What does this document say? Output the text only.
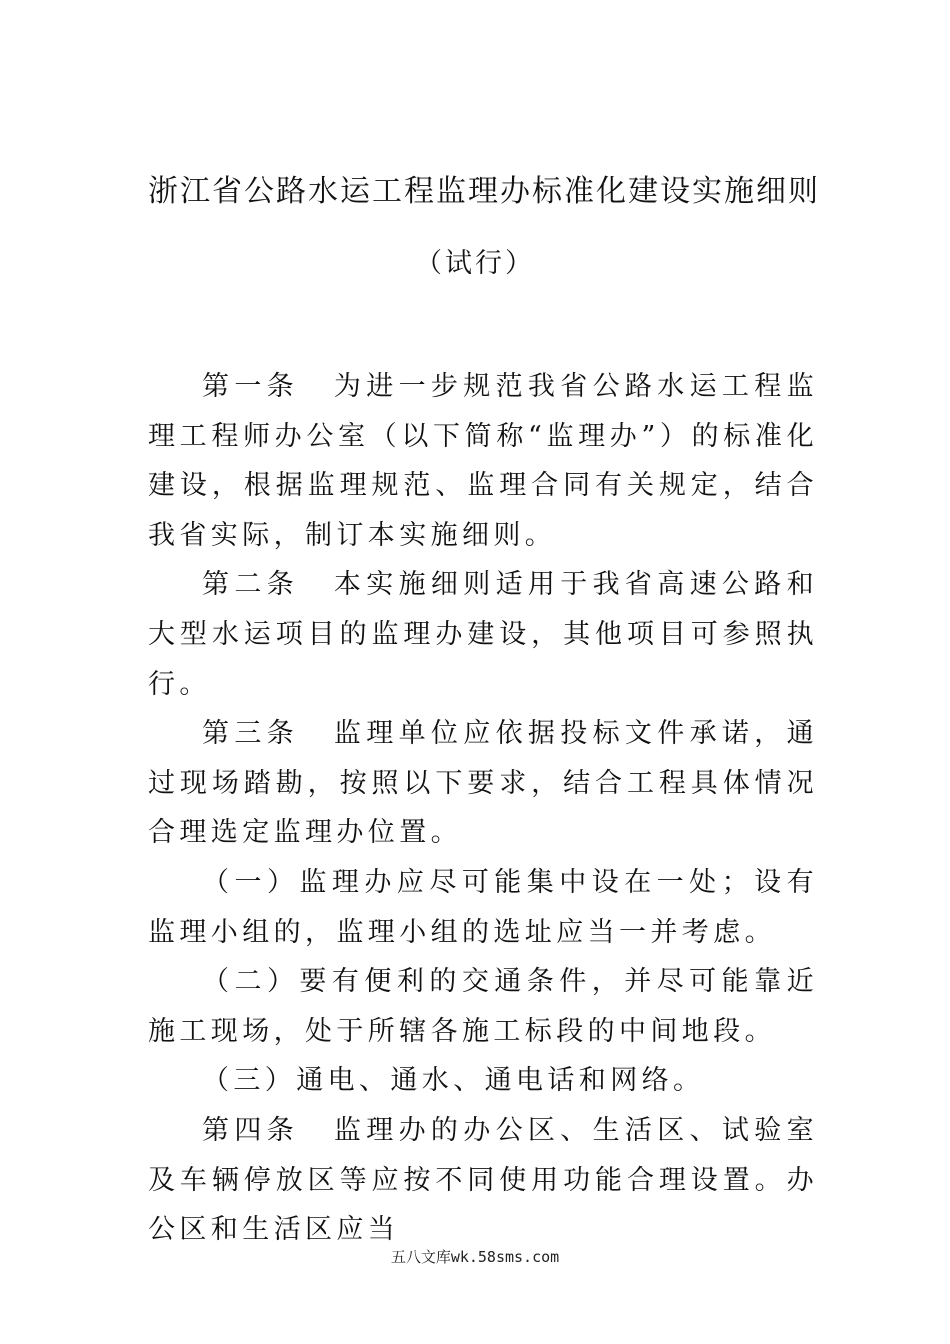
浙江省公路水运工程监理办标准化建设实施细则
（试行）

第一条 为进一步规范我省公路水运工程监理工程师办公室（以下简称“监理办”）的标准化建设，根据监理规范、监理合同有关规定，结合我省实际，制订本实施细则。

第二条 本实施细则适用于我省高速公路和大型水运项目的监理办建设，其他项目可参照执行。

第三条 监理单位应依据投标文件承诺，通过现场踏勘，按照以下要求，结合工程具体情况合理选定监理办位置。

（一）监理办应尽可能集中设在一处；设有监理小组的，监理小组的选址应当一并考虑。

（二）要有便利的交通条件，并尽可能靠近施工现场，处于所辖各施工标段的中间地段。

（三）通电、通水、通电话和网络。

第四条 监理办的办公区、生活区、试验室及车辆停放区等应按不同使用功能合理设置。办公区和生活区应当

五八文库wk.58sms.com
